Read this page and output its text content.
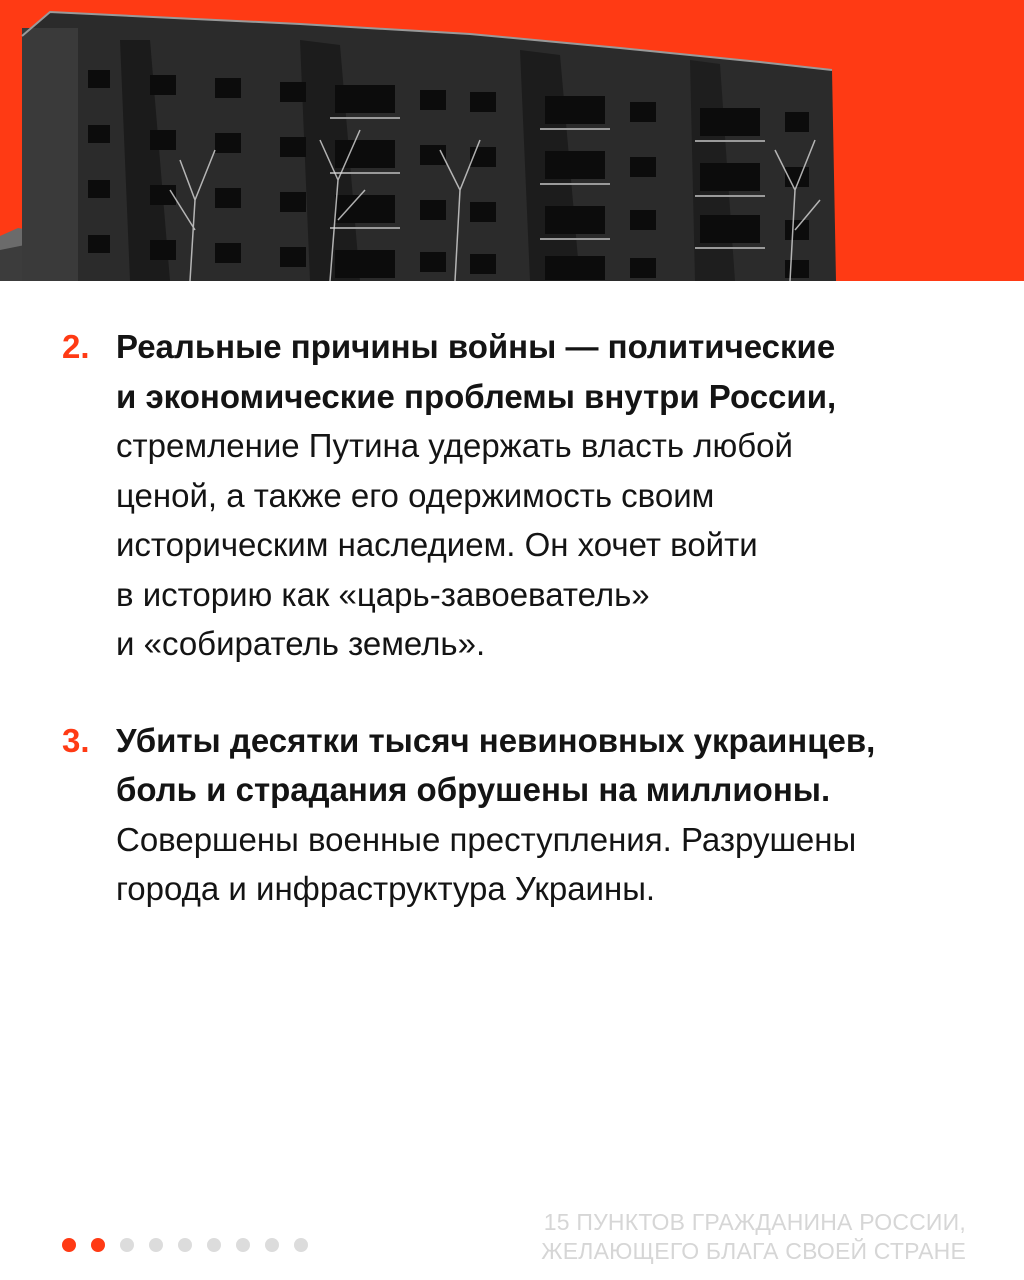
2. Реальные причины войны — политические
и экономические проблемы внутри России,
стремление Путина удержать власть любой
ценой, а также его одержимость своим
историческим наследием. Он хочет войти
в историю как «царь-завоеватель»
и «собиратель земель».
3. Убиты десятки тысяч невиновных украинцев,
боль и страдания обрушены на миллионы.
Совершены военные преступления. Разрушены
города и инфраструктура Украины.
15 ПУНКТОВ ГРАЖДАНИНА РОССИИ,
ЖЕЛАЮЩЕГО БЛАГА СВОЕЙ СТРАНЕ
